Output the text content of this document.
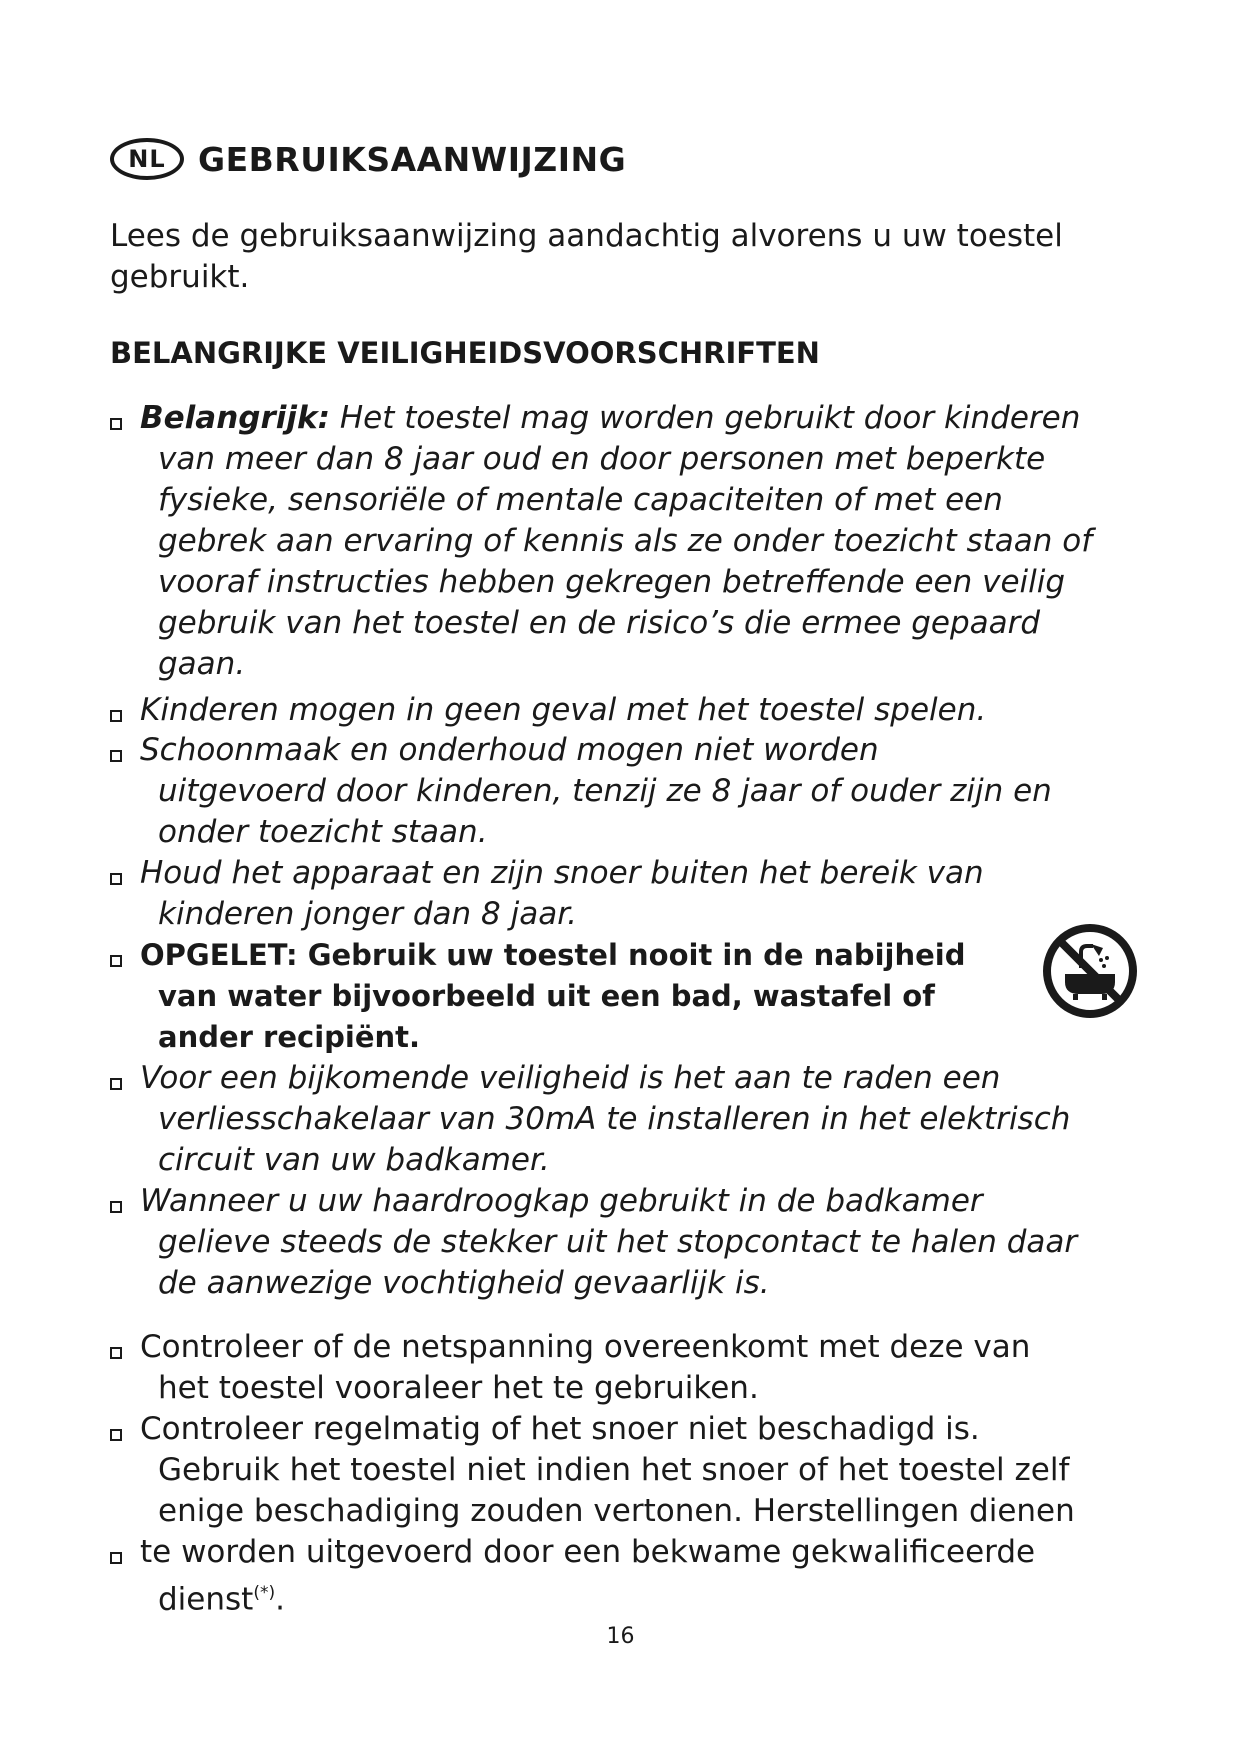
NL GEBRUIKSAANWIJZING
Lees de gebruiksaanwijzing aandachtig alvorens u uw toestel
gebruikt.
BELANGRIJKE VEILIGHEIDSVOORSCHRIFTEN
Belangrijk: Het toestel mag worden gebruikt door kinderen
van meer dan 8 jaar oud en door personen met beperkte
fysieke, sensoriële of mentale capaciteiten of met een
gebrek aan ervaring of kennis als ze onder toezicht staan of
vooraf instructies hebben gekregen betreffende een veilig
gebruik van het toestel en de risico’s die ermee gepaard
gaan.
Kinderen mogen in geen geval met het toestel spelen.
Schoonmaak en onderhoud mogen niet worden
uitgevoerd door kinderen, tenzij ze 8 jaar of ouder zijn en
onder toezicht staan.
Houd het apparaat en zijn snoer buiten het bereik van
kinderen jonger dan 8 jaar.
OPGELET: Gebruik uw toestel nooit in de nabijheid
van water bijvoorbeeld uit een bad, wastafel of
ander recipiënt.
Voor een bijkomende veiligheid is het aan te raden een
verliesschakelaar van 30mA te installeren in het elektrisch
circuit van uw badkamer.
Wanneer u uw haardroogkap gebruikt in de badkamer
gelieve steeds de stekker uit het stopcontact te halen daar
de aanwezige vochtigheid gevaarlijk is.
Controleer of de netspanning overeenkomt met deze van
het toestel vooraleer het te gebruiken.
Controleer regelmatig of het snoer niet beschadigd is.
Gebruik het toestel niet indien het snoer of het toestel zelf
enige beschadiging zouden vertonen. Herstellingen dienen
te worden uitgevoerd door een bekwame gekwalificeerde
dienst(*).
16
